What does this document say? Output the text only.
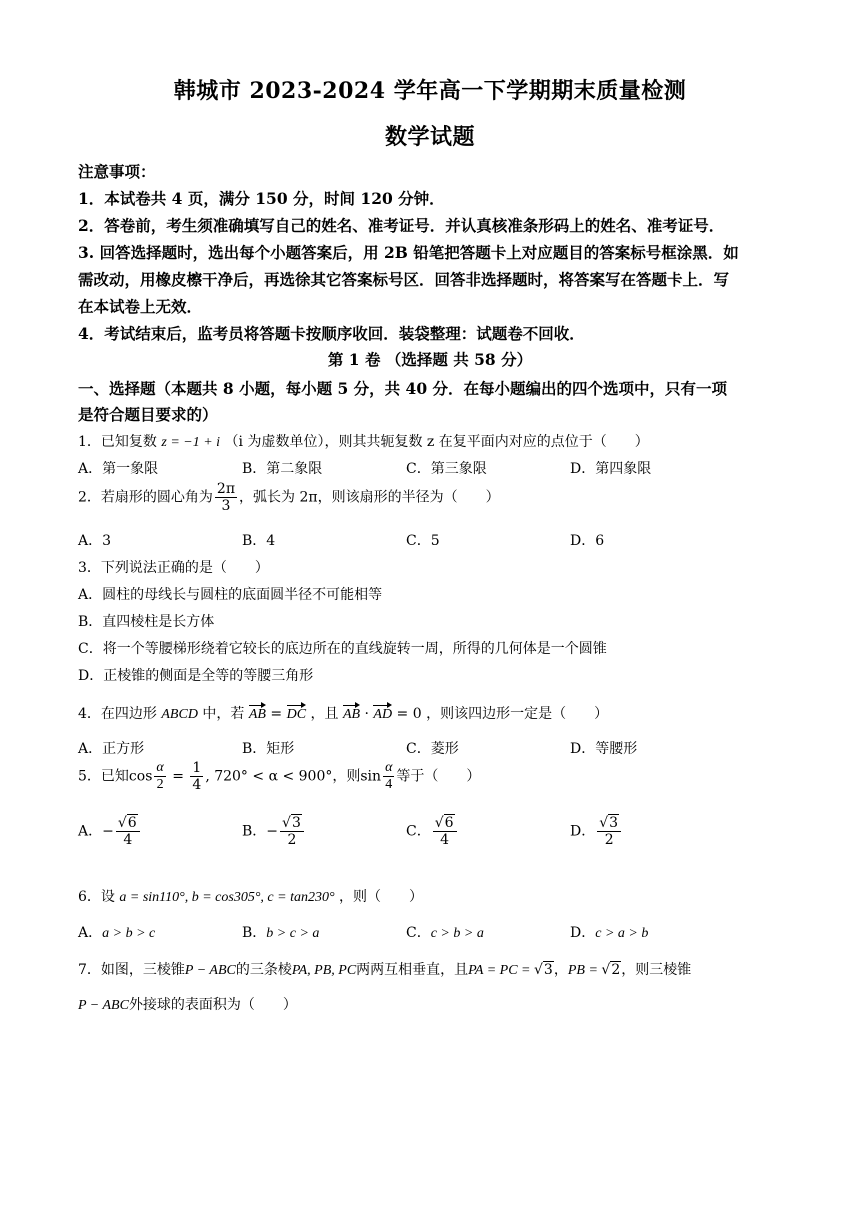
韩城市 2023-2024 学年高一下学期期末质量检测
数学试题
注意事项：
1．本试卷共 4 页，满分 150 分，时间 120 分钟．
2．答卷前，考生须准确填写自己的姓名、准考证号．并认真核准条形码上的姓名、准考证号．
3. 回答选择题时，选出每个小题答案后，用 2B 铅笔把答题卡上对应题目的答案标号框涂黑．如
需改动，用橡皮檫干净后，再选徐其它答案标号区．回答非选择题时，将答案写在答题卡上．写
在本试卷上无效．
4．考试结束后，监考员将答题卡按顺序收回．装袋整理：试题卷不回收．
第 1 卷 （选择题 共 58 分）
一、选择题（本题共 8 小题，每小题 5 分，共 40 分．在每小题编出的四个选项中，只有一项
是符合题目要求的）
1．已知复数 z = −1 + i （i 为虚数单位），则其共轭复数 z 在复平面内对应的点位于（　　）
A．第一象限	B．第二象限	C．第三象限	D．第四象限
2．若扇形的圆心角为 $\frac{2\pi}{3}$ ，弧长为 2π，则该扇形的半径为（　　）
A．3	B．4	C．5	D．6
3．下列说法正确的是（　　）
A．圆柱的母线长与圆柱的底面圆半径不可能相等
B．直四棱柱是长方体
C．将一个等腰梯形绕着它较长的底边所在的直线旋转一周，所得的几何体是一个圆锥
D．正棱锥的侧面是全等的等腰三角形
4．在四边形 ABCD 中，若 AB = DC ，且 AB · AD = 0 ，则该四边形一定是（　　）
A．正方形	B．矩形	C．菱形	D．等腰形
5．已知$\cos \frac{\alpha}{2} = \frac{1}{4}$ , 720° < α < 900°，则$\sin \frac{\alpha}{4}$ 等于（　　）
A．− $\frac{√6}{4}$	B．− $\frac{√3}{2}$	C． $\frac{√6}{4}$	D． $\frac{√3}{2}$
6．设 a = sin110°, b = cos305°, c = tan230° ，则（　　）
A．a > b > c	B．b > c > a	C．c > b > a	D．c > a > b
7．如图，三棱锥P − ABC的三条棱PA, PB, PC两两互相垂直，且PA = PC = √3，PB = √2，则三棱锥
P − ABC外接球的表面积为（　　）
